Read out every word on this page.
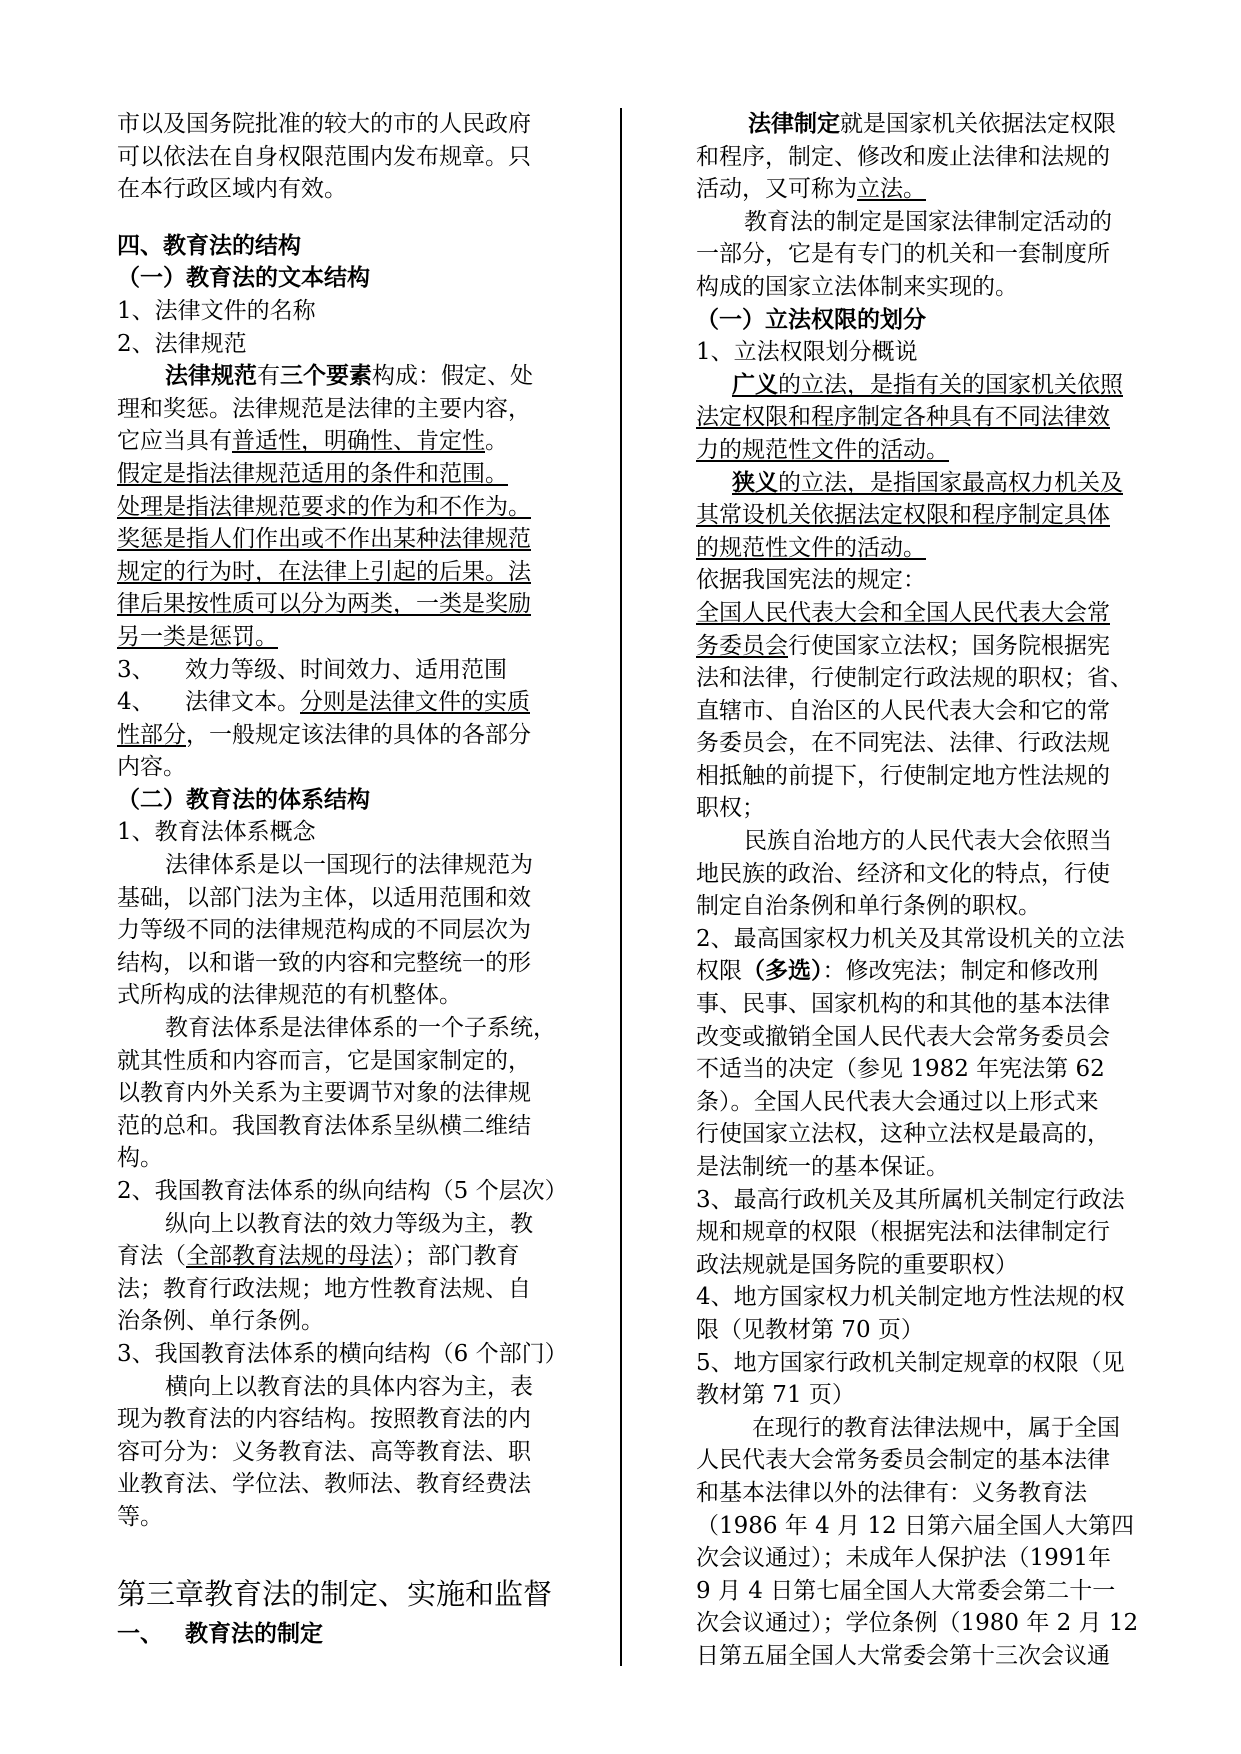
市以及国务院批准的较大的市的人民政府
可以依法在自身权限范围内发布规章。只
在本行政区域内有效。
四、教育法的结构
（一）教育法的文本结构
1、法律文件的名称
2、法律规范
法律规范有三个要素构成：假定、处
理和奖惩。法律规范是法律的主要内容，
它应当具有普适性，明确性、肯定性。
假定是指法律规范适用的条件和范围。
处理是指法律规范要求的作为和不作为。
奖惩是指人们作出或不作出某种法律规范
规定的行为时，在法律上引起的后果。法
律后果按性质可以分为两类，一类是奖励
另一类是惩罚。
3、 效力等级、时间效力、适用范围
4、 法律文本。分则是法律文件的实质
性部分，一般规定该法律的具体的各部分
内容。
（二）教育法的体系结构
1、教育法体系概念
法律体系是以一国现行的法律规范为
基础，以部门法为主体，以适用范围和效
力等级不同的法律规范构成的不同层次为
结构，以和谐一致的内容和完整统一的形
式所构成的法律规范的有机整体。
教育法体系是法律体系的一个子系统，
就其性质和内容而言，它是国家制定的，
以教育内外关系为主要调节对象的法律规
范的总和。我国教育法体系呈纵横二维结
构。
2、我国教育法体系的纵向结构（5 个层次）
纵向上以教育法的效力等级为主，教
育法（全部教育法规的母法）；部门教育
法；教育行政法规；地方性教育法规、自
治条例、单行条例。
3、我国教育法体系的横向结构（6 个部门）
横向上以教育法的具体内容为主，表
现为教育法的内容结构。按照教育法的内
容可分为：义务教育法、高等教育法、职
业教育法、学位法、教师法、教育经费法
等。
第三章教育法的制定、实施和监督
一、 教育法的制定
法律制定就是国家机关依据法定权限
和程序，制定、修改和废止法律和法规的
活动，又可称为立法。
教育法的制定是国家法律制定活动的
一部分，它是有专门的机关和一套制度所
构成的国家立法体制来实现的。
（一）立法权限的划分
1、立法权限划分概说
广义的立法，是指有关的国家机关依照
法定权限和程序制定各种具有不同法律效
力的规范性文件的活动。
狭义的立法，是指国家最高权力机关及
其常设机关依据法定权限和程序制定具体
的规范性文件的活动。
依据我国宪法的规定：
全国人民代表大会和全国人民代表大会常
务委员会行使国家立法权；国务院根据宪
法和法律，行使制定行政法规的职权；省、
直辖市、自治区的人民代表大会和它的常
务委员会，在不同宪法、法律、行政法规
相抵触的前提下，行使制定地方性法规的
职权；
民族自治地方的人民代表大会依照当
地民族的政治、经济和文化的特点，行使
制定自治条例和单行条例的职权。
2、最高国家权力机关及其常设机关的立法
权限（多选）：修改宪法；制定和修改刑
事、民事、国家机构的和其他的基本法律
改变或撤销全国人民代表大会常务委员会
不适当的决定（参见 1982 年宪法第 62
条）。全国人民代表大会通过以上形式来
行使国家立法权，这种立法权是最高的，
是法制统一的基本保证。
3、最高行政机关及其所属机关制定行政法
规和规章的权限（根据宪法和法律制定行
政法规就是国务院的重要职权）
4、地方国家权力机关制定地方性法规的权
限（见教材第 70 页）
5、地方国家行政机关制定规章的权限（见
教材第 71 页）
在现行的教育法律法规中，属于全国
人民代表大会常务委员会制定的基本法律
和基本法律以外的法律有：义务教育法
（1986 年 4 月 12 日第六届全国人大第四
次会议通过）；未成年人保护法（1991年
9 月 4 日第七届全国人大常委会第二十一
次会议通过）；学位条例（1980 年 2 月 12
日第五届全国人大常委会第十三次会议通
